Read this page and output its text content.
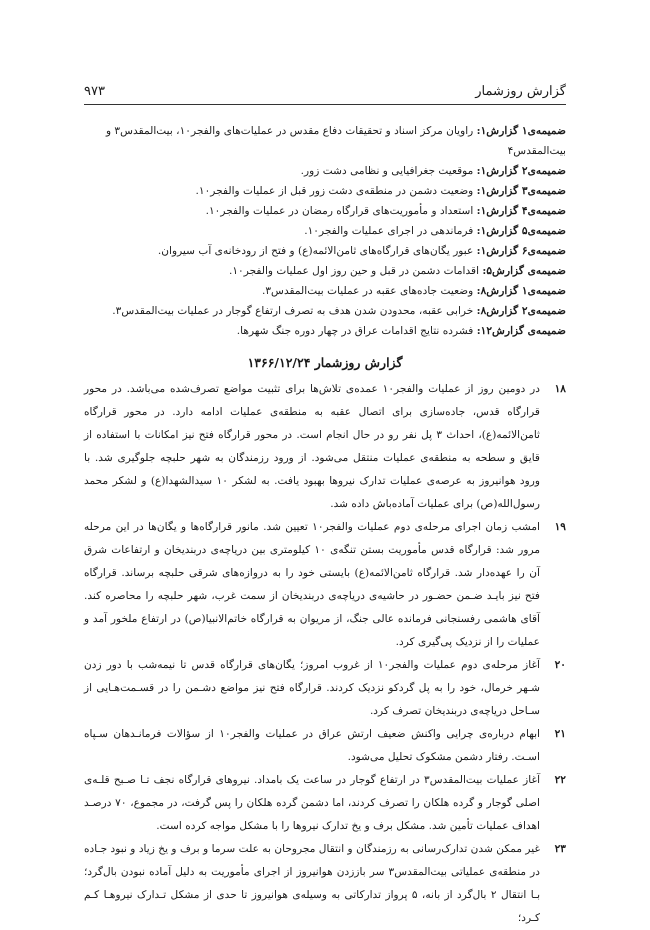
گزارش روزشمار
۹۷۳

ضمیمه‌ی۱ گزارش۱: راویان مرکز اسناد و تحقیقات دفاع مقدس در عملیات‌های والفجر۱۰، بیت‌المقدس۳ و بیت‌المقدس۴

ضمیمه‌ی۲ گزارش۱: موقعیت جغرافیایی و نظامی دشت زور.

ضمیمه‌ی۳ گزارش۱: وضعیت دشمن در منطقه‌ی دشت زور قبل از عملیات والفجر۱۰.

ضمیمه‌ی۴ گزارش۱: استعداد و مأموریت‌های قرارگاه رمضان در عملیات والفجر۱۰.

ضمیمه‌ی۵ گزارش۱: فرماندهی در اجرای عملیات والفجر۱۰.

ضمیمه‌ی۶ گزارش۱: عبور یگان‌های قرارگاه‌های ثامن‌الائمه(ع) و فتح از رودخانه‌ی آب سیروان.

ضمیمه‌ی گزارش۵: اقدامات دشمن در قبل و حین روز اول عملیات والفجر۱۰.

ضمیمه‌ی۱ گزارش۸: وضعیت جاده‌های عقبه در عملیات بیت‌المقدس۳.

ضمیمه‌ی۲ گزارش۸: خرابی عقبه، محدودن شدن هدف به تصرف ارتفاع گوجار در عملیات بیت‌المقدس۳.

ضمیمه‌ی گزارش۱۲: فشرده نتایج اقدامات عراق در چهار دوره جنگ شهرها.

گزارش روزشمار ۱۳۶۶/۱۲/۲۴

۱۸
در دومین روز از عملیات والفجر۱۰ عمده‌ی تلاش‌ها برای تثبیت مواضع تصرف‌شده می‌باشد. در محور قرارگاه قدس، جاده‌سازی برای اتصال عقبه به منطقه‌ی عملیات ادامه دارد. در محور قرارگاه ثامن‌الائمه(ع)، احداث ۳ پل نفر رو در حال انجام است. در محور قرارگاه فتح نیز امکانات با استفاده از قایق و سطحه به منطقه‌ی عملیات منتقل می‌شود. از ورود رزمندگان به شهر حلبچه جلوگیری شد. با ورود هوانیروز به عرصه‌ی عملیات تدارک نیروها بهبود یافت. به لشکر ۱۰ سیدالشهدا(ع) و لشکر محمد رسول‌الله(ص) برای عملیات آماده‌باش داده شد.

۱۹
امشب زمان اجرای مرحله‌ی دوم عملیات والفجر۱۰ تعیین شد. مانور قرارگاه‌ها و یگان‌ها در این مرحله مرور شد: قرارگاه قدس مأموریت بستن تنگه‌ی ۱۰ کیلومتری بین دریاچه‌ی دربندیخان و ارتفاعات شرق آن را عهده‌دار شد. قرارگاه ثامن‌الائمه(ع) بایستی خود را به دروازه‌های شرقی حلبچه برساند. قرارگاه فتح نیز بایـد ضـمن حضـور در حاشیه‌ی دریاچه‌ی دربندیخان از سمت غرب، شهر حلبچه را محاصره کند. آقای هاشمی رفسنجانی فرمانده عالی جنگ، از مریوان به قرارگاه خاتم‌الانبیا(ص) در ارتفاع ملخور آمد و عملیات را از نزدیک پی‌گیری کرد.

۲۰
آغاز مرحله‌ی دوم عملیات والفجر۱۰ از غروب امروز؛ یگان‌های قرارگاه قدس تا نیمه‌شب با دور زدن شـهر خرمال، خود را به پل گردکو نزدیک کردند. قرارگاه فتح نیز مواضع دشـمن را در قسـمت‌هـایی از سـاحل دریاچه‌ی دربندیخان تصرف کرد.

۲۱
ابهام درباره‌ی چرایی واکنش ضعیف ارتش عراق در عملیات والفجر۱۰ از سؤالات فرمانـدهان سـپاه اسـت. رفتار دشمن مشکوک تحلیل می‌شود.

۲۲
آغاز عملیات بیت‌المقدس۳ در ارتفاع گوجار در ساعت یک بامداد. نیروهای قرارگاه نجف تـا صـبح قلـه‌ی اصلی گوجار و گرده هلکان را تصرف کردند، اما دشمن گرده هلکان را پس گرفت، در مجموع، ۷۰ درصـد اهداف عملیات تأمین شد. مشکل برف و یخ تدارک نیروها را با مشکل مواجه کرده است.

۲۳
غیر ممکن شدن تدارک‌رسانی به رزمندگان و انتقال مجروحان به علت سرما و برف و یخ زیاد و نبود جـاده در منطقه‌ی عملیاتی بیت‌المقدس۳ سر باززدن هوانیروز از اجرای مأموریت به دلیل آماده نبودن بال‌گرد؛ بـا انتقال ۲ بال‌گرد از بانه، ۵ پرواز تدارکاتی به وسیله‌ی هوانیروز تا حدی از مشکل تـدارک نیروهـا کـم کـرد؛
